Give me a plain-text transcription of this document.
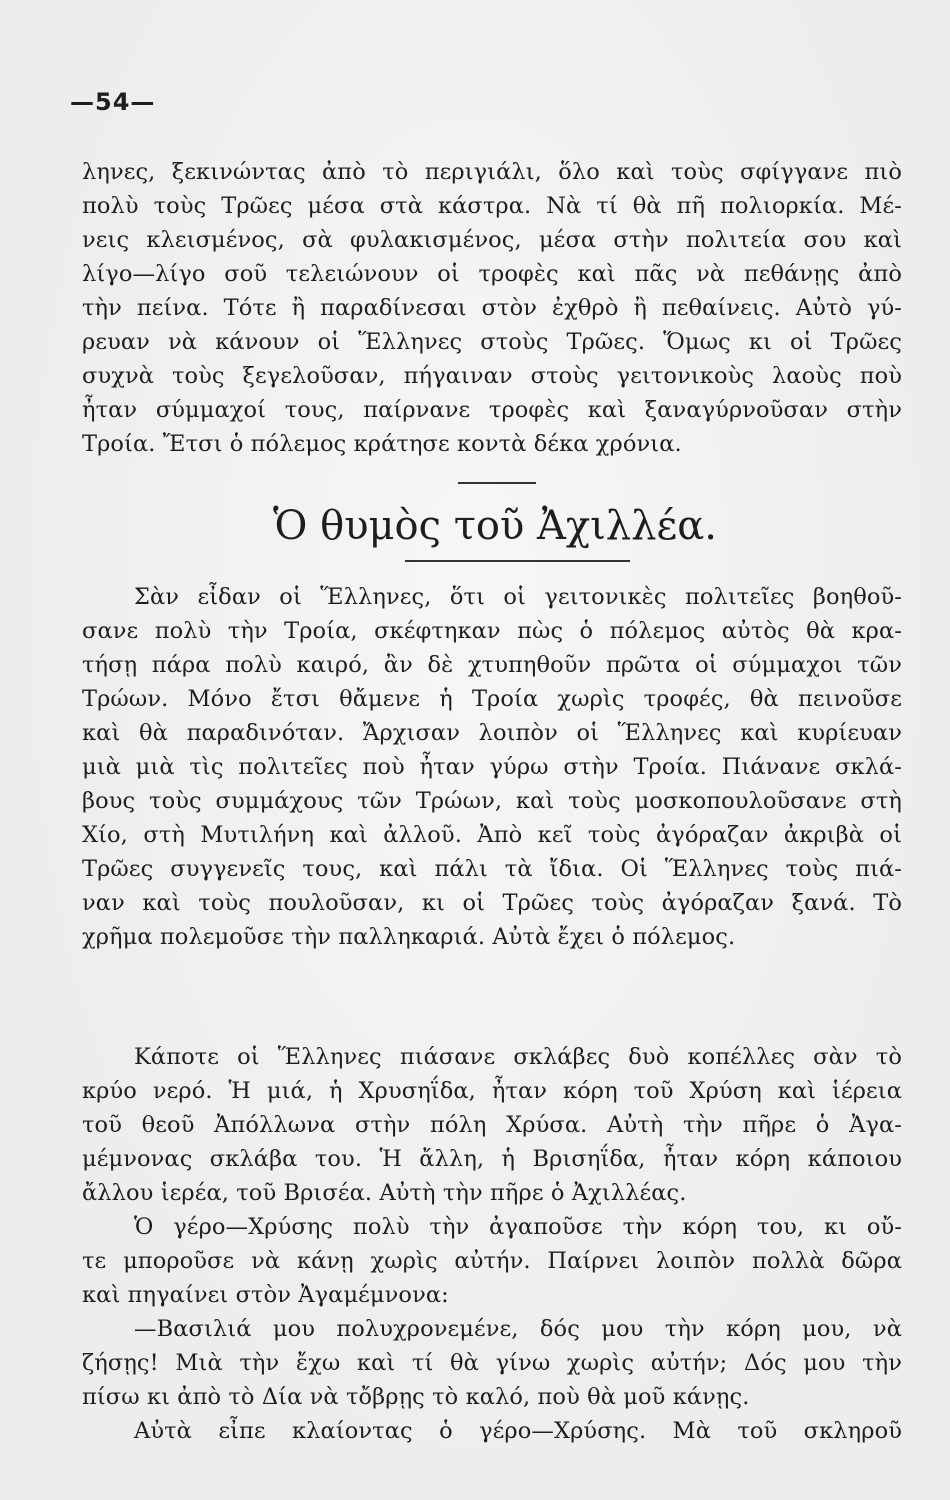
—54—
ληνες, ξεκινώντας ἀπὸ τὸ περιγιάλι, ὅλο καὶ τοὺς σφίγγανε πιὸ
πολὺ τοὺς Τρῶες μέσα στὰ κάστρα. Νὰ τί θὰ πῆ πολιορκία. Μέ-
νεις κλεισμένος, σὰ φυλακισμένος, μέσα στὴν πολιτεία σου καὶ
λίγο—λίγο σοῦ τελειώνουν οἱ τροφὲς καὶ πᾶς νὰ πεθάνῃς ἀπὸ
τὴν πείνα. Τότε ἢ παραδίνεσαι στὸν ἐχθρὸ ἢ πεθαίνεις. Αὐτὸ γύ-
ρευαν νὰ κάνουν οἱ Ἕλληνες στοὺς Τρῶες. Ὅμως κι οἱ Τρῶες
συχνὰ τοὺς ξεγελοῦσαν, πήγαιναν στοὺς γειτονικοὺς λαοὺς ποὺ
ἦταν σύμμαχοί τους, παίρνανε τροφὲς καὶ ξαναγύρνοῦσαν στὴν
Τροία. Ἔτσι ὁ πόλεμος κράτησε κοντὰ δέκα χρόνια.
Ὁ θυμὸς τοῦ Ἀχιλλέα.
Σὰν εἶδαν οἱ Ἕλληνες, ὅτι οἱ γειτονικὲς πολιτεῖες βοηθοῦ-
σανε πολὺ τὴν Τροία, σκέφτηκαν πὼς ὁ πόλεμος αὐτὸς θὰ κρα-
τήσῃ πάρα πολὺ καιρό, ἂν δὲ χτυπηθοῦν πρῶτα οἱ σύμμαχοι τῶν
Τρώων. Μόνο ἔτσι θἄμενε ἡ Τροία χωρὶς τροφές, θὰ πεινοῦσε
καὶ θὰ παραδινόταν. Ἄρχισαν λοιπὸν οἱ Ἕλληνες καὶ κυρίευαν
μιὰ μιὰ τὶς πολιτεῖες ποὺ ἦταν γύρω στὴν Τροία. Πιάνανε σκλά-
βους τοὺς συμμάχους τῶν Τρώων, καὶ τοὺς μοσκοπουλοῦσανε στὴ
Χίο, στὴ Μυτιλήνη καὶ ἀλλοῦ. Ἀπὸ κεῖ τοὺς ἀγόραζαν ἀκριβὰ οἱ
Τρῶες συγγενεῖς τους, καὶ πάλι τὰ ἴδια. Οἱ Ἕλληνες τοὺς πιά-
ναν καὶ τοὺς πουλοῦσαν, κι οἱ Τρῶες τοὺς ἀγόραζαν ξανά. Τὸ
χρῆμα πολεμοῦσε τὴν παλληκαριά. Αὐτὰ ἔχει ὁ πόλεμος.
Κάποτε οἱ Ἕλληνες πιάσανε σκλάβες δυὸ κοπέλλες σὰν τὸ
κρύο νερό. Ἡ μιά, ἡ Χρυσηΐδα, ἦταν κόρη τοῦ Χρύση καὶ ἱέρεια
τοῦ θεοῦ Ἀπόλλωνα στὴν πόλη Χρύσα. Αὐτὴ τὴν πῆρε ὁ Ἀγα-
μέμνονας σκλάβα του. Ἡ ἄλλη, ἡ Βρισηΐδα, ἦταν κόρη κάποιου
ἄλλου ἱερέα, τοῦ Βρισέα. Αὐτὴ τὴν πῆρε ὁ Ἀχιλλέας.
Ὁ γέρο—Χρύσης πολὺ τὴν ἀγαποῦσε τὴν κόρη του, κι οὔ-
τε μποροῦσε νὰ κάνῃ χωρὶς αὐτήν. Παίρνει λοιπὸν πολλὰ δῶρα
καὶ πηγαίνει στὸν Ἀγαμέμνονα:
—Βασιλιά μου πολυχρονεμένε, δός μου τὴν κόρη μου, νὰ
ζήσῃς! Μιὰ τὴν ἔχω καὶ τί θὰ γίνω χωρὶς αὐτήν; Δός μου τὴν
πίσω κι ἀπὸ τὸ Δία νὰ τὄβρῃς τὸ καλό, ποὺ θὰ μοῦ κάνῃς.
Αὐτὰ εἶπε κλαίοντας ὁ γέρο—Χρύσης. Μὰ τοῦ σκληροῦ
